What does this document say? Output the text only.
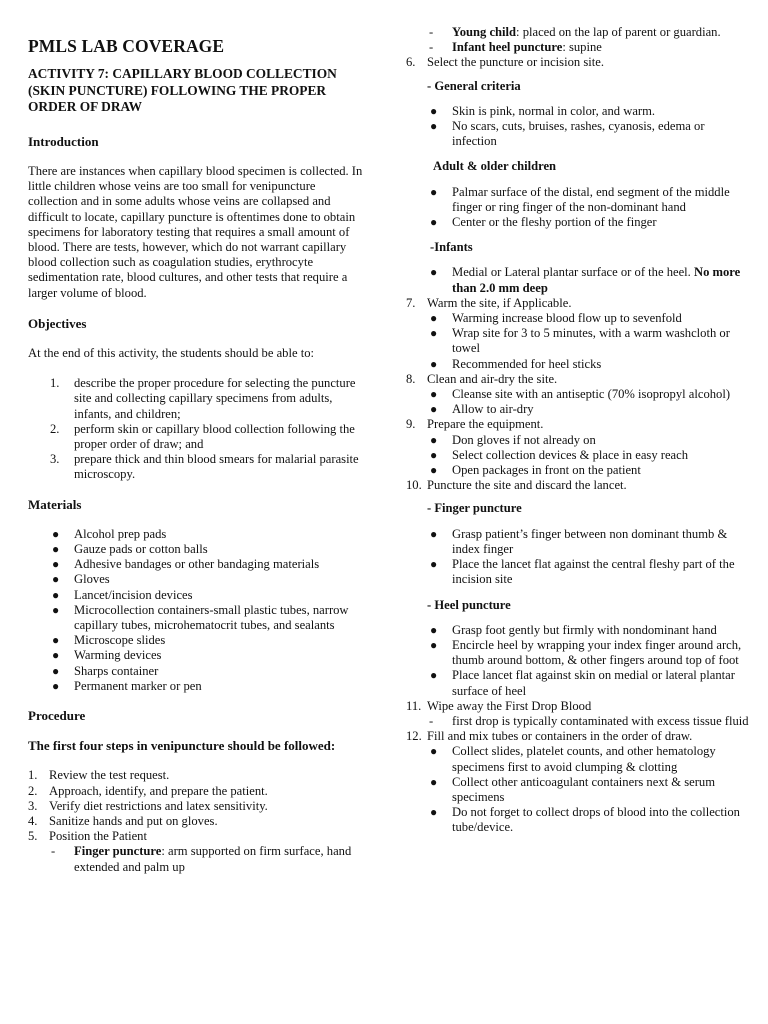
PMLS LAB COVERAGE
ACTIVITY 7: CAPILLARY BLOOD COLLECTION (SKIN PUNCTURE) FOLLOWING THE PROPER ORDER OF DRAW
Introduction

There are instances when capillary blood specimen is collected. In little children whose veins are too small for venipuncture collection and in some adults whose veins are collapsed and difficult to locate, capillary puncture is oftentimes done to obtain specimens for laboratory testing that requires a small amount of blood. There are tests, however, which do not warrant capillary blood collection such as coagulation studies, erythrocyte sedimentation rate, blood cultures, and other tests that require a larger volume of blood.

Objectives

At the end of this activity, the students should be able to:

1. describe the proper procedure for selecting the puncture site and collecting capillary specimens from adults, infants, and children;
2. perform skin or capillary blood collection following the proper order of draw; and
3. prepare thick and thin blood smears for malarial parasite microscopy.
Materials
● Alcohol prep pads
● Gauze pads or cotton balls
● Adhesive bandages or other bandaging materials
● Gloves
● Lancet/incision devices
● Microcollection containers-small plastic tubes, narrow capillary tubes, microhematocrit tubes, and sealants
● Microscope slides
● Warming devices
● Sharps container
● Permanent marker or pen
Procedure
The first four steps in venipuncture should be followed:
1. Review the test request.
2. Approach, identify, and prepare the patient.
3. Verify diet restrictions and latex sensitivity.
4. Sanitize hands and put on gloves.
5. Position the Patient
- Finger puncture: arm supported on firm surface, hand extended and palm up
- Young child: placed on the lap of parent or guardian.
- Infant heel puncture: supine
6. Select the puncture or incision site.
- General criteria
● Skin is pink, normal in color, and warm.
● No scars, cuts, bruises, rashes, cyanosis, edema or infection
Adult & older children
● Palmar surface of the distal, end segment of the middle finger or ring finger of the non-dominant hand
● Center or the fleshy portion of the finger
-Infants
● Medial or Lateral plantar surface or of the heel. No more than 2.0 mm deep
7. Warm the site, if Applicable.
● Warming increase blood flow up to sevenfold
● Wrap site for 3 to 5 minutes, with a warm washcloth or towel
● Recommended for heel sticks
8. Clean and air-dry the site.
● Cleanse site with an antiseptic (70% isopropyl alcohol)
● Allow to air-dry
9. Prepare the equipment.
● Don gloves if not already on
● Select collection devices & place in easy reach
● Open packages in front on the patient
10. Puncture the site and discard the lancet.
- Finger puncture
● Grasp patient’s finger between non dominant thumb & index finger
● Place the lancet flat against the central fleshy part of the incision site
- Heel puncture
● Grasp foot gently but firmly with nondominant hand
● Encircle heel by wrapping your index finger around arch, thumb around bottom, & other fingers around top of foot
● Place lancet flat against skin on medial or lateral plantar surface of heel
11. Wipe away the First Drop Blood
- first drop is typically contaminated with excess tissue fluid
12. Fill and mix tubes or containers in the order of draw.
● Collect slides, platelet counts, and other hematology specimens first to avoid clumping & clotting
● Collect other anticoagulant containers next & serum specimens
● Do not forget to collect drops of blood into the collection tube/device.
